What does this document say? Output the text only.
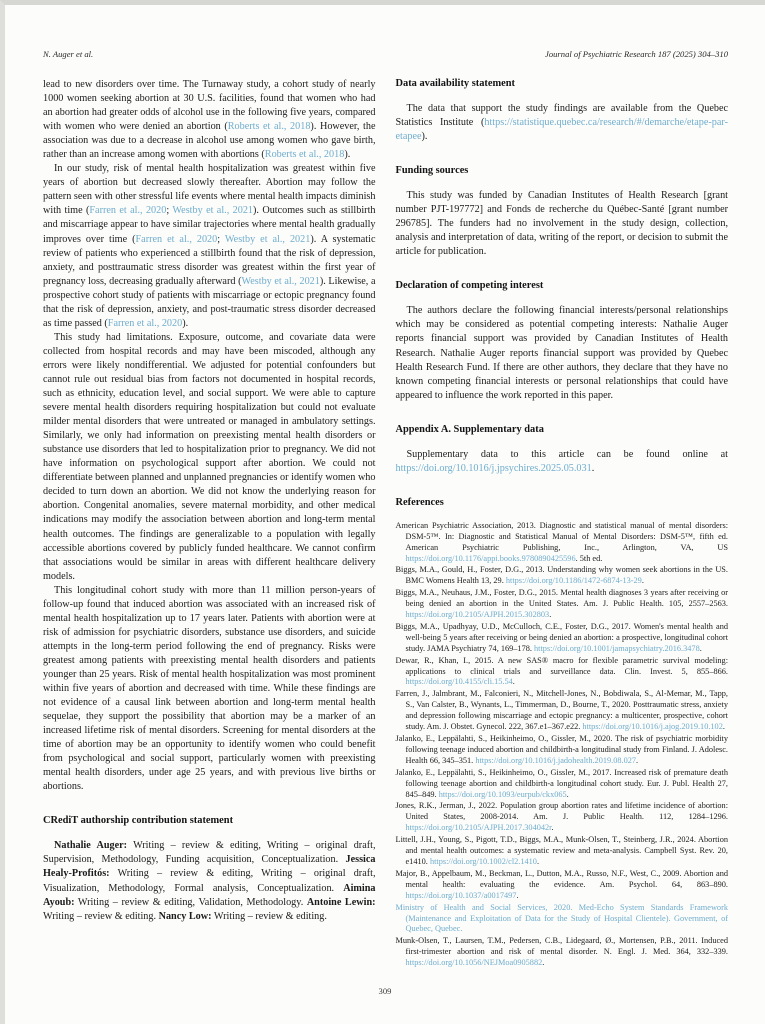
N. Auger et al.	Journal of Psychiatric Research 187 (2025) 304–310

lead to new disorders over time. The Turnaway study, a cohort study of nearly 1000 women seeking abortion at 30 U.S. facilities, found that women who had an abortion had greater odds of alcohol use in the following five years, compared with women who were denied an abortion (Roberts et al., 2018). However, the association was due to a decrease in alcohol use among women who gave birth, rather than an increase among women with abortions (Roberts et al., 2018).

In our study, risk of mental health hospitalization was greatest within five years of abortion but decreased slowly thereafter. Abortion may follow the pattern seen with other stressful life events where mental health impacts diminish with time (Farren et al., 2020; Westby et al., 2021). Outcomes such as stillbirth and miscarriage appear to have similar trajectories where mental health gradually improves over time (Farren et al., 2020; Westby et al., 2021). A systematic review of patients who experienced a stillbirth found that the risk of depression, anxiety, and posttraumatic stress disorder was greatest within the first year of pregnancy loss, decreasing gradually afterward (Westby et al., 2021). Likewise, a prospective cohort study of patients with miscarriage or ectopic pregnancy found that the risk of depression, anxiety, and post-traumatic stress disorder decreased as time passed (Farren et al., 2020).

This study had limitations. Exposure, outcome, and covariate data were collected from hospital records and may have been miscoded, although any errors were likely nondifferential. We adjusted for potential confounders but cannot rule out residual bias from factors not documented in hospital records, such as ethnicity, education level, and social support. We were able to capture severe mental health disorders requiring hospitalization but could not evaluate milder mental disorders that were untreated or managed in ambulatory settings. Similarly, we only had information on preexisting mental health disorders or substance use disorders that led to hospitalization prior to pregnancy. We did not have information on psychological support after abortion. We could not differentiate between planned and unplanned pregnancies or identify women who decided to turn down an abortion. We did not know the underlying reason for abortion. Congenital anomalies, severe maternal morbidity, and other medical indications may modify the association between abortion and long-term mental health outcomes. The findings are generalizable to a population with legally accessible abortions covered by publicly funded healthcare. We cannot confirm that associations would be similar in areas with different healthcare delivery models.

This longitudinal cohort study with more than 11 million person-years of follow-up found that induced abortion was associated with an increased risk of mental health hospitalization up to 17 years later. Patients with abortion were at risk of admission for psychiatric disorders, substance use disorders, and suicide attempts in the long-term period following the end of pregnancy. Risks were greatest among patients with preexisting mental health disorders and patients younger than 25 years. Risk of mental health hospitalization was most prominent within five years of abortion and decreased with time. While these findings are not evidence of a causal link between abortion and long-term mental health sequelae, they support the possibility that abortion may be a marker of an increased lifetime risk of mental disorders. Screening for mental disorders at the time of abortion may be an opportunity to identify women who could benefit from psychological and social support, particularly women with preexisting mental health disorders, under age 25 years, and with previous live births or abortions.

CRediT authorship contribution statement

Nathalie Auger: Writing – review & editing, Writing – original draft, Supervision, Methodology, Funding acquisition, Conceptualization. Jessica Healy-Profitós: Writing – review & editing, Writing – original draft, Visualization, Methodology, Formal analysis, Conceptualization. Aimina Ayoub: Writing – review & editing, Validation, Methodology. Antoine Lewin: Writing – review & editing. Nancy Low: Writing – review & editing.

Data availability statement

The data that support the study findings are available from the Quebec Statistics Institute (https://statistique.quebec.ca/research/#/demarche/etape-par-etapee).

Funding sources

This study was funded by Canadian Institutes of Health Research [grant number PJT-197772] and Fonds de recherche du Québec-Santé [grant number 296785]. The funders had no involvement in the study design, collection, analysis and interpretation of data, writing of the report, or decision to submit the article for publication.

Declaration of competing interest

The authors declare the following financial interests/personal relationships which may be considered as potential competing interests: Nathalie Auger reports financial support was provided by Canadian Institutes of Health Research. Nathalie Auger reports financial support was provided by Quebec Health Research Fund. If there are other authors, they declare that they have no known competing financial interests or personal relationships that could have appeared to influence the work reported in this paper.

Appendix A. Supplementary data

Supplementary data to this article can be found online at https://doi.org/10.1016/j.jpsychires.2025.05.031.

References

American Psychiatric Association, 2013. Diagnostic and statistical manual of mental disorders: DSM-5™. In: Diagnostic and Statistical Manual of Mental Disorders: DSM-5™, fifth ed. American Psychiatric Publishing, Inc., Arlington, VA, US https://doi.org/10.1176/appi.books.9780890425596. 5th ed.

Biggs, M.A., Gould, H., Foster, D.G., 2013. Understanding why women seek abortions in the US. BMC Womens Health 13, 29. https://doi.org/10.1186/1472-6874-13-29.

Biggs, M.A., Neuhaus, J.M., Foster, D.G., 2015. Mental health diagnoses 3 years after receiving or being denied an abortion in the United States. Am. J. Public Health. 105, 2557–2563. https://doi.org/10.2105/AJPH.2015.302803.

Biggs, M.A., Upadhyay, U.D., McCulloch, C.E., Foster, D.G., 2017. Women's mental health and well-being 5 years after receiving or being denied an abortion: a prospective, longitudinal cohort study. JAMA Psychiatry 74, 169–178. https://doi.org/10.1001/jamapsychiatry.2016.3478.

Dewar, R., Khan, I., 2015. A new SAS® macro for flexible parametric survival modeling: applications to clinical trials and surveillance data. Clin. Invest. 5, 855–866. https://doi.org/10.4155/cli.15.54.

Farren, J., Jalmbrant, M., Falconieri, N., Mitchell-Jones, N., Bobdiwala, S., Al-Memar, M., Tapp, S., Van Calster, B., Wynants, L., Timmerman, D., Bourne, T., 2020. Posttraumatic stress, anxiety and depression following miscarriage and ectopic pregnancy: a multicenter, prospective, cohort study. Am. J. Obstet. Gynecol. 222, 367.e1–367.e22. https://doi.org/10.1016/j.ajog.2019.10.102.

Jalanko, E., Leppälahti, S., Heikinheimo, O., Gissler, M., 2020. The risk of psychiatric morbidity following teenage induced abortion and childbirth-a longitudinal study from Finland. J. Adolesc. Health 66, 345–351. https://doi.org/10.1016/j.jadohealth.2019.08.027.

Jalanko, E., Leppälahti, S., Heikinheimo, O., Gissler, M., 2017. Increased risk of premature death following teenage abortion and childbirth-a longitudinal cohort study. Eur. J. Publ. Health 27, 845–849. https://doi.org/10.1093/eurpub/ckx065.

Jones, R.K., Jerman, J., 2022. Population group abortion rates and lifetime incidence of abortion: United States, 2008-2014. Am. J. Public Health. 112, 1284–1296. https://doi.org/10.2105/AJPH.2017.304042r.

Littell, J.H., Young, S., Pigott, T.D., Biggs, M.A., Munk-Olsen, T., Steinberg, J.R., 2024. Abortion and mental health outcomes: a systematic review and meta-analysis. Campbell Syst. Rev. 20, e1410. https://doi.org/10.1002/cl2.1410.

Major, B., Appelbaum, M., Beckman, L., Dutton, M.A., Russo, N.F., West, C., 2009. Abortion and mental health: evaluating the evidence. Am. Psychol. 64, 863–890. https://doi.org/10.1037/a0017497.

Ministry of Health and Social Services, 2020. Med-Echo System Standards Framework (Maintenance and Exploitation of Data for the Study of Hospital Clientele). Government, of Quebec, Quebec.

Munk-Olsen, T., Laursen, T.M., Pedersen, C.B., Lidegaard, Ø., Mortensen, P.B., 2011. Induced first-trimester abortion and risk of mental disorder. N. Engl. J. Med. 364, 332–339. https://doi.org/10.1056/NEJMoa0905882.

309
